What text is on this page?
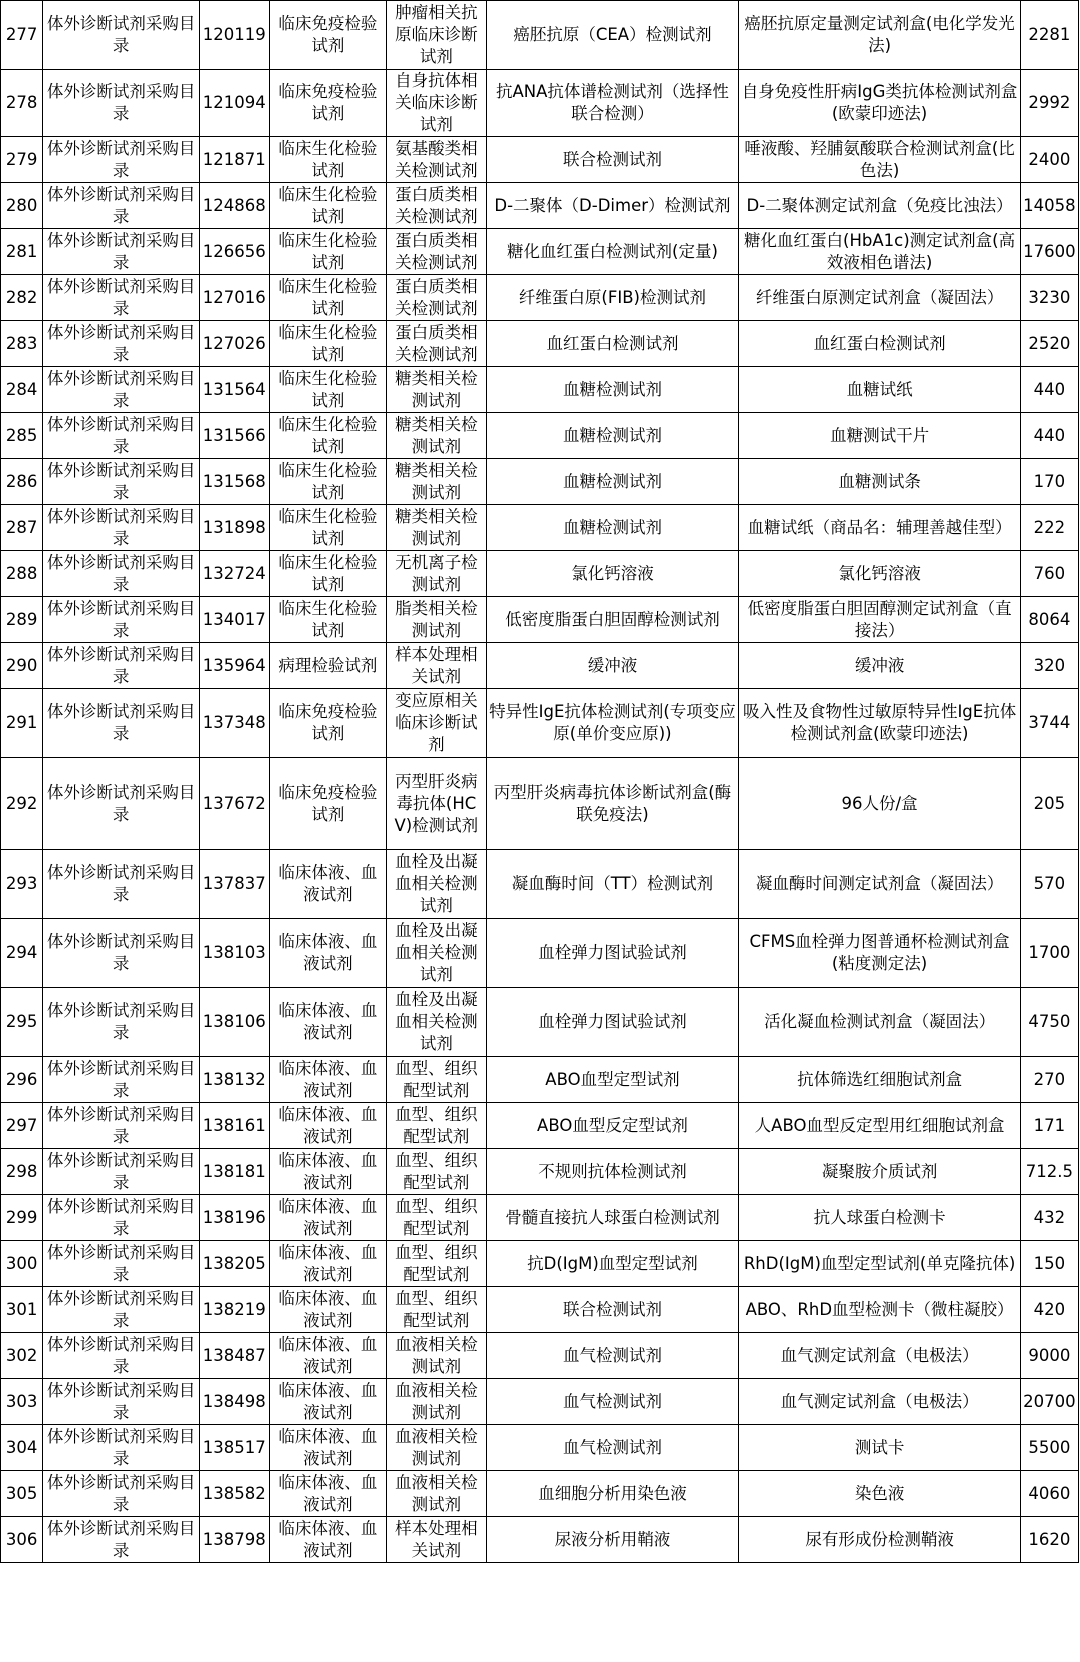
277	体外诊断试剂采购目录	120119	临床免疫检验试剂	肿瘤相关抗原临床诊断试剂	癌胚抗原（CEA）检测试剂	癌胚抗原定量测定试剂盒(电化学发光法)	2281
278	体外诊断试剂采购目录	121094	临床免疫检验试剂	自身抗体相关临床诊断试剂	抗ANA抗体谱检测试剂（选择性联合检测）	自身免疫性肝病IgG类抗体检测试剂盒(欧蒙印迹法)	2992
279	体外诊断试剂采购目录	121871	临床生化检验试剂	氨基酸类相关检测试剂	联合检测试剂	唾液酸、羟脯氨酸联合检测试剂盒(比色法)	2400
280	体外诊断试剂采购目录	124868	临床生化检验试剂	蛋白质类相关检测试剂	D-二聚体（D-Dimer）检测试剂	D-二聚体测定试剂盒（免疫比浊法）	14058
281	体外诊断试剂采购目录	126656	临床生化检验试剂	蛋白质类相关检测试剂	糖化血红蛋白检测试剂(定量)	糖化血红蛋白(HbA1c)测定试剂盒(高效液相色谱法)	17600
282	体外诊断试剂采购目录	127016	临床生化检验试剂	蛋白质类相关检测试剂	纤维蛋白原(FIB)检测试剂	纤维蛋白原测定试剂盒（凝固法）	3230
283	体外诊断试剂采购目录	127026	临床生化检验试剂	蛋白质类相关检测试剂	血红蛋白检测试剂	血红蛋白检测试剂	2520
284	体外诊断试剂采购目录	131564	临床生化检验试剂	糖类相关检测试剂	血糖检测试剂	血糖试纸	440
285	体外诊断试剂采购目录	131566	临床生化检验试剂	糖类相关检测试剂	血糖检测试剂	血糖测试干片	440
286	体外诊断试剂采购目录	131568	临床生化检验试剂	糖类相关检测试剂	血糖检测试剂	血糖测试条	170
287	体外诊断试剂采购目录	131898	临床生化检验试剂	糖类相关检测试剂	血糖检测试剂	血糖试纸（商品名：辅理善越佳型）	222
288	体外诊断试剂采购目录	132724	临床生化检验试剂	无机离子检测试剂	氯化钙溶液	氯化钙溶液	760
289	体外诊断试剂采购目录	134017	临床生化检验试剂	脂类相关检测试剂	低密度脂蛋白胆固醇检测试剂	低密度脂蛋白胆固醇测定试剂盒（直接法）	8064
290	体外诊断试剂采购目录	135964	病理检验试剂	样本处理相关试剂	缓冲液	缓冲液	320
291	体外诊断试剂采购目录	137348	临床免疫检验试剂	变应原相关临床诊断试剂	特异性IgE抗体检测试剂(专项变应原(单价变应原))	吸入性及食物性过敏原特异性IgE抗体检测试剂盒(欧蒙印迹法)	3744
292	体外诊断试剂采购目录	137672	临床免疫检验试剂	丙型肝炎病毒抗体(HCV)检测试剂	丙型肝炎病毒抗体诊断试剂盒(酶联免疫法)	96人份/盒	205
293	体外诊断试剂采购目录	137837	临床体液、血液试剂	血栓及出凝血相关检测试剂	凝血酶时间（TT）检测试剂	凝血酶时间测定试剂盒（凝固法）	570
294	体外诊断试剂采购目录	138103	临床体液、血液试剂	血栓及出凝血相关检测试剂	血栓弹力图试验试剂	CFMS血栓弹力图普通杯检测试剂盒(粘度测定法)	1700
295	体外诊断试剂采购目录	138106	临床体液、血液试剂	血栓及出凝血相关检测试剂	血栓弹力图试验试剂	活化凝血检测试剂盒（凝固法）	4750
296	体外诊断试剂采购目录	138132	临床体液、血液试剂	血型、组织配型试剂	ABO血型定型试剂	抗体筛选红细胞试剂盒	270
297	体外诊断试剂采购目录	138161	临床体液、血液试剂	血型、组织配型试剂	ABO血型反定型试剂	人ABO血型反定型用红细胞试剂盒	171
298	体外诊断试剂采购目录	138181	临床体液、血液试剂	血型、组织配型试剂	不规则抗体检测试剂	凝聚胺介质试剂	712.5
299	体外诊断试剂采购目录	138196	临床体液、血液试剂	血型、组织配型试剂	骨髓直接抗人球蛋白检测试剂	抗人球蛋白检测卡	432
300	体外诊断试剂采购目录	138205	临床体液、血液试剂	血型、组织配型试剂	抗D(IgM)血型定型试剂	RhD(IgM)血型定型试剂(单克隆抗体)	150
301	体外诊断试剂采购目录	138219	临床体液、血液试剂	血型、组织配型试剂	联合检测试剂	ABO、RhD血型检测卡（微柱凝胶）	420
302	体外诊断试剂采购目录	138487	临床体液、血液试剂	血液相关检测试剂	血气检测试剂	血气测定试剂盒（电极法）	9000
303	体外诊断试剂采购目录	138498	临床体液、血液试剂	血液相关检测试剂	血气检测试剂	血气测定试剂盒（电极法）	20700
304	体外诊断试剂采购目录	138517	临床体液、血液试剂	血液相关检测试剂	血气检测试剂	测试卡	5500
305	体外诊断试剂采购目录	138582	临床体液、血液试剂	血液相关检测试剂	血细胞分析用染色液	染色液	4060
306	体外诊断试剂采购目录	138798	临床体液、血液试剂	样本处理相关试剂	尿液分析用鞘液	尿有形成份检测鞘液	1620
